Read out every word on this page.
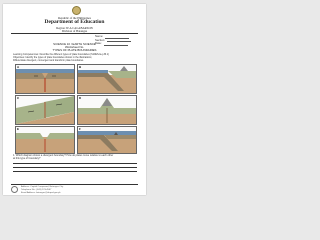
Republic of the Philippines
Department of Education
Region IV-A CALABARZON
Division of Batangas
Name:
Section:
Date:
SCIENCE 10 / EARTH SCIENCE
Worksheet No.
TYPES OF PLATE BOUNDARIES
Learning Competencies: Describe the different types of plate boundaries (S10ES-Ia-j-36.1)
Objectives: Identify the types of plate boundaries shown in the illustrations;
Differentiate divergent, convergent and transform plate boundaries.
A	B
C	D
E	F
1. Which diagram shows a divergent boundary? How do plates move relative to each other
at this type of boundary?
Address: Capitol Compound, Batangas City
Telephone No.: (043) 123-4567
Email Address: batangas@deped.gov.ph
